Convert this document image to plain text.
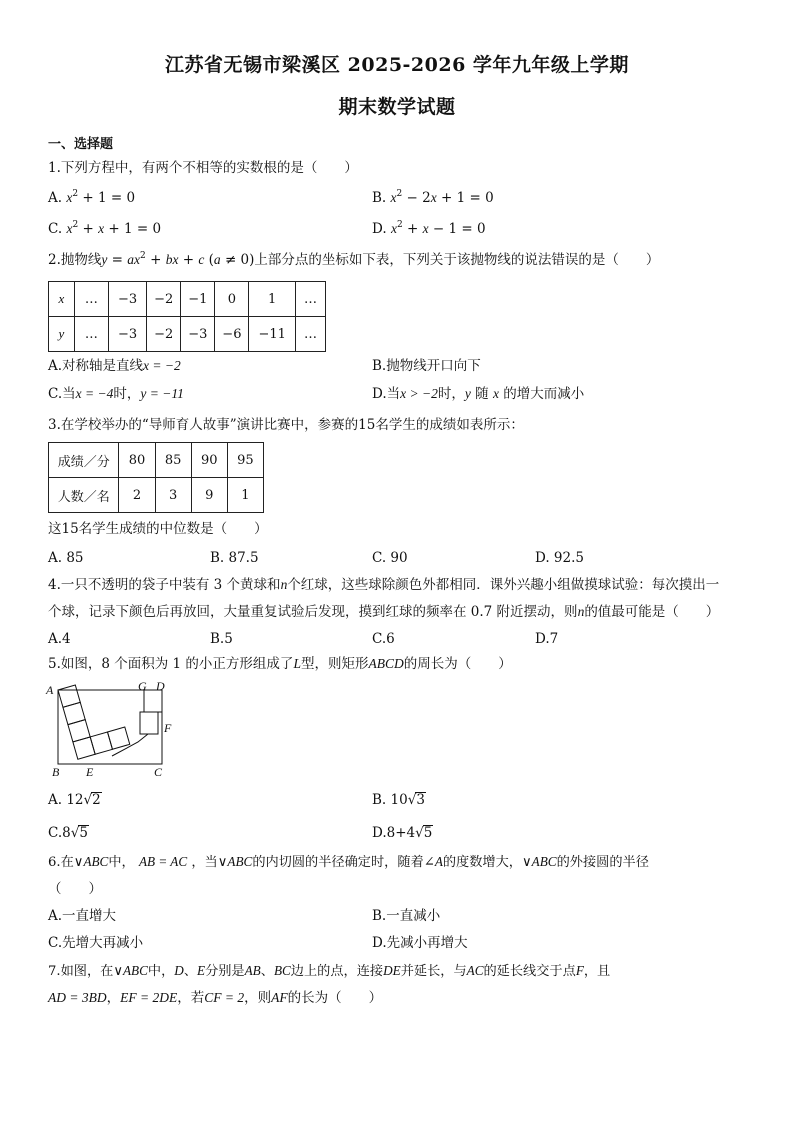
江苏省无锡市梁溪区 2025-2026 学年九年级上学期
期末数学试题
一、选择题
1.下列方程中，有两个不相等的实数根的是（　　）
A. $x^2 + 1 = 0$	B. $x^2 - 2x + 1 = 0$
C. $x^2 + x + 1 = 0$	D. $x^2 + x - 1 = 0$
2.抛物线$y = ax^2$ + bx + c (a ≠ 0)上部分点的坐标如下表，下列关于该抛物线的说法错误的是（　　）
x	…	−3	−2	−1	0	1	…
y	…	−3	−2	−3	−6	−11	…
A.对称轴是直线x = −2	B.抛物线开口向下
C.当x = −4时，y = −11	D.当x > −2时，y 随 x 的增大而减小
3.在学校举办的“导师育人故事”演讲比赛中，参赛的15名学生的成绩如表所示：
成绩／分	80	85	90	95
人数／名	2	3	9	1
这15名学生成绩的中位数是（　　）
A. 85	B. 87.5	C. 90	D. 92.5
4.一只不透明的袋子中装有 3 个黄球和n个红球，这些球除颜色外都相同．课外兴趣小组做摸球试验：每次摸出一
个球，记录下颜色后再放回，大量重复试验后发现，摸到红球的频率在 0.7 附近摆动，则n的值最可能是（　　）
A.4	B.5	C.6	D.7
5.如图，8 个面积为 1 的小正方形组成了L型，则矩形ABCD的周长为（　　）
A
B E	C
G D
F
A. 12√2	B. 10√3
C.8√5	D.8+4√5
6.在∨ABC中， AB = AC ，当∨ABC的内切圆的半径确定时，随着∠A的度数增大，∨ABC的外接圆的半径
（　　）
A.一直增大	B.一直减小
C.先增大再减小	D.先减小再增大
7.如图，在∨ABC中，D、E分别是AB、BC边上的点，连接DE并延长，与AC的延长线交于点F，且
AD = 3BD，EF = 2DE，若CF = 2，则AF的长为（　　）
